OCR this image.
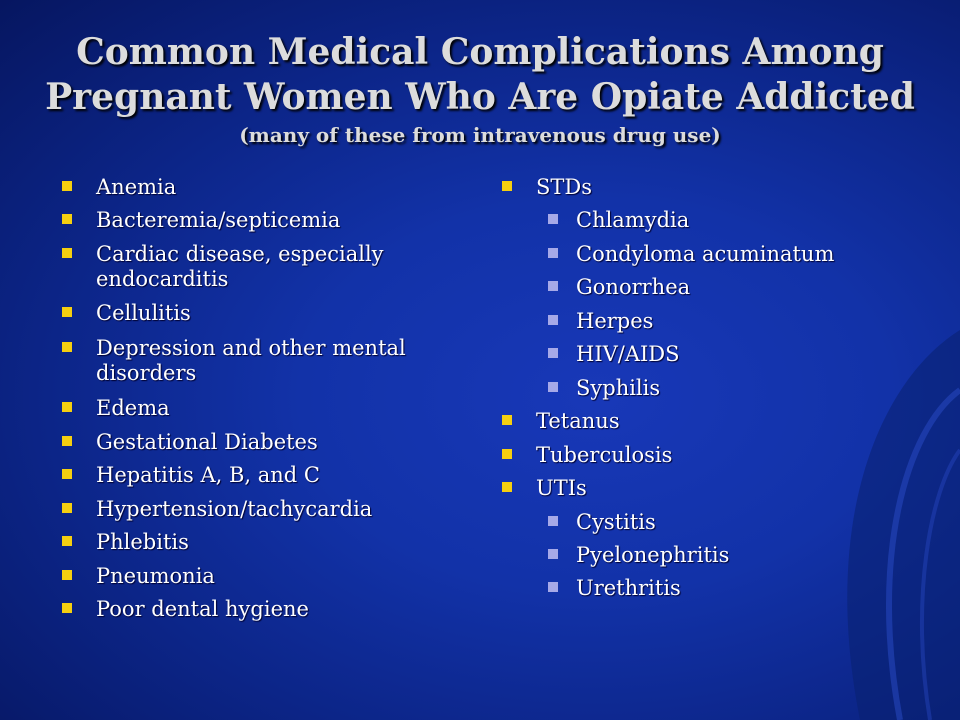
Common Medical Complications Among
Pregnant Women Who Are Opiate Addicted
(many of these from intravenous drug use)
Anemia
Bacteremia/septicemia
Cardiac disease, especially
endocarditis
Cellulitis
Depression and other mental
disorders
Edema
Gestational Diabetes
Hepatitis A, B, and C
Hypertension/tachycardia
Phlebitis
Pneumonia
Poor dental hygiene
STDs
Chlamydia
Condyloma acuminatum
Gonorrhea
Herpes
HIV/AIDS
Syphilis
Tetanus
Tuberculosis
UTIs
Cystitis
Pyelonephritis
Urethritis
